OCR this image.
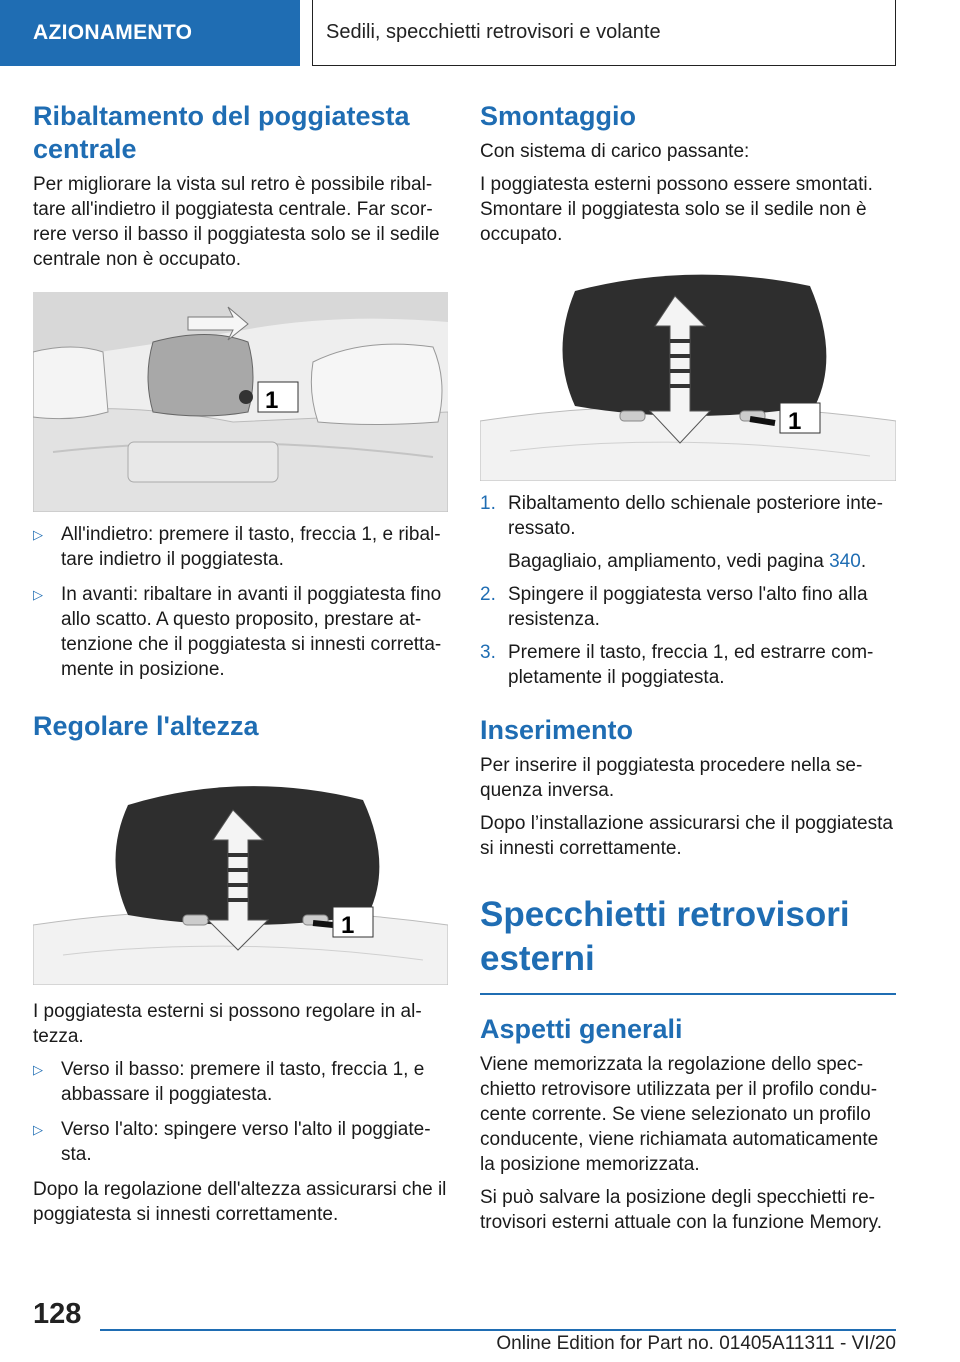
AZIONAMENTO	Sedili, specchietti retrovisori e volante
Ribaltamento del poggiatesta centrale

Per migliorare la vista sul retro è possibile ribaltare all'indietro il poggiatesta centrale. Far scorrere verso il basso il poggiatesta solo se il sedile centrale non è occupato.

1
▷ All'indietro: premere il tasto, freccia 1, e ribaltare indietro il poggiatesta.
▷ In avanti: ribaltare in avanti il poggiatesta fino allo scatto. A questo proposito, prestare attenzione che il poggiatesta si innesti correttamente in posizione.
Regolare l'altezza
1

I poggiatesta esterni si possono regolare in altezza.

▷ Verso il basso: premere il tasto, freccia 1, e abbassare il poggiatesta.
▷ Verso l'alto: spingere verso l'alto il poggiatesta.

Dopo la regolazione dell'altezza assicurarsi che il poggiatesta si innesti correttamente.

Smontaggio

Con sistema di carico passante:

I poggiatesta esterni possono essere smontati. Smontare il poggiatesta solo se il sedile non è occupato.

1
1. Ribaltamento dello schienale posteriore interessato.

Bagagliaio, ampliamento, vedi pagina 340.

2. Spingere il poggiatesta verso l'alto fino alla resistenza.
3. Premere il tasto, freccia 1, ed estrarre completamente il poggiatesta.
Inserimento

Per inserire il poggiatesta procedere nella sequenza inversa.

Dopo l’installazione assicurarsi che il poggiatesta si innesti correttamente.

Specchietti retrovisori esterni
Aspetti generali

Viene memorizzata la regolazione dello specchietto retrovisore utilizzata per il profilo conducente corrente. Se viene selezionato un profilo conducente, viene richiamata automaticamente la posizione memorizzata.

Si può salvare la posizione degli specchietti retrovisori esterni attuale con la funzione Memory.

128
Online Edition for Part no. 01405A11311 - VI/20
